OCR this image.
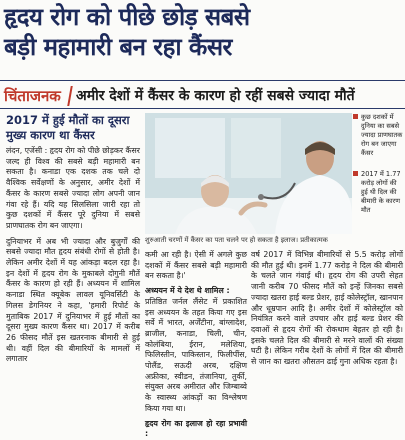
हृदय रोग को पीछे छोड़ सबसे
बड़ी महामारी बन रहा कैंसर
चिंताजनक अमीर देशों में कैंसर के कारण हो रहीं सबसे ज्यादा मौतें
2017 में हुई मौतों का दूसरा मुख्य कारण था कैंसर

लंदन, एजेंसी : हृदय रोग को पीछे छोड़कर कैंसर जल्द ही विश्व की सबसे बड़ी महामारी बन सकता है। कनाडा एक दशक तक चले दो वैश्विक सर्वेक्षणों के अनुसार, अमीर देशों में कैंसर के कारण सबसे ज्यादा लोग अपनी जान गंवा रहे हैं। यदि यह सिलसिला जारी रहा तो कुछ दशकों में कैंसर पूरे दुनिया में सबसे प्राणघातक रोग बन जाएगा।

दुनियाभर में अब भी ज्यादा और बुजुर्गों की सबसे ज्यादा मौत हृदय संबंधी रोगों से होती है। लेकिन अमीर देशों में यह आंकड़ा बदल रहा है। इन देशों में हृदय रोग के मुकाबले दोगुनी मौतें कैंसर के कारण हो रही हैं। अध्ययन में शामिल कनाडा स्थित क्यूबेक लावल यूनिवर्सिटी के गिलस डेगनियर ने कहा, 'हमारी रिपोर्ट के मुताबिक 2017 में दुनियाभर में हुई मौतों का दूसरा मुख्य कारण कैंसर था। 2017 में करीब 26 फीसद मौतें इस खतरनाक बीमारी से हुई थी। वहीं दिल की बीमारियों के मामलों में लगातार

शुरुआती चरणों में कैंसर का पता चलने पर हो सकता है इलाज। प्रतीकात्मक
कुछ दशकों में दुनिया का सबसे ज्यादा प्राणघातक रोग बन जाएगा कैंसर
2017 में 1.77 करोड़ लोगों की हुई थी दिल की बीमारी के कारण मौत

कमी आ रही है। ऐसी में अगले कुछ दशकों में कैंसर सबसे बड़ी महामारी बन सकता है।'

अध्ययन में ये देश थे शामिल :

प्रतिष्ठित जर्नल लैंसेट में प्रकाशित इस अध्ययन के तहत किया गए इस सर्वे में भारत, अर्जेंटीना, बांग्लादेश, ब्राजील, कनाडा, चिली, चीन, कोलंबिया, ईरान, मलेशिया, फिलिस्तीन, पाकिस्तान, फिलीपींस, पोलैंड, सऊदी अरब, दक्षिण अफ्रीका, स्वीडन, तंजानिया, तुर्की, संयुक्त अरब अमीरात और जिम्बाब्वे के स्वास्थ्य आंकड़ों का विश्लेषण किया गया था।

हृदय रोग का इलाज हो रहा प्रभावी :

वर्ष 2017 में विभिन्न बीमारियों से 5.5 करोड़ लोगों की मौत हुई थी। इनमें 1.77 करोड़ ने दिल की बीमारी के चलते जान गंवाई थी। हृदय रोग की उपरी सेहत जानी करीब 70 फीसद मौतें को इन्हें जिनका सबसे ज्यादा खतरा हाई बल्ड प्रेशर, हाई कोलेस्ट्रॉल, खानपान और धूम्रपान आदि है। अमीर देशों में कोलेस्ट्रॉल को नियंत्रित करने वाले उपचार और हाई बल्ड प्रेशर की दवाओं से हृदय रोगों की रोकथाम बेहतर हो रही है। इसके चलते दिल की बीमारी से मरने वालों की संख्या घटी है। लेकिन गरीब देशों के लोगों में दिल की बीमारी से जान का खतरा औसतन ढाई गुना अधिक रहता है।
